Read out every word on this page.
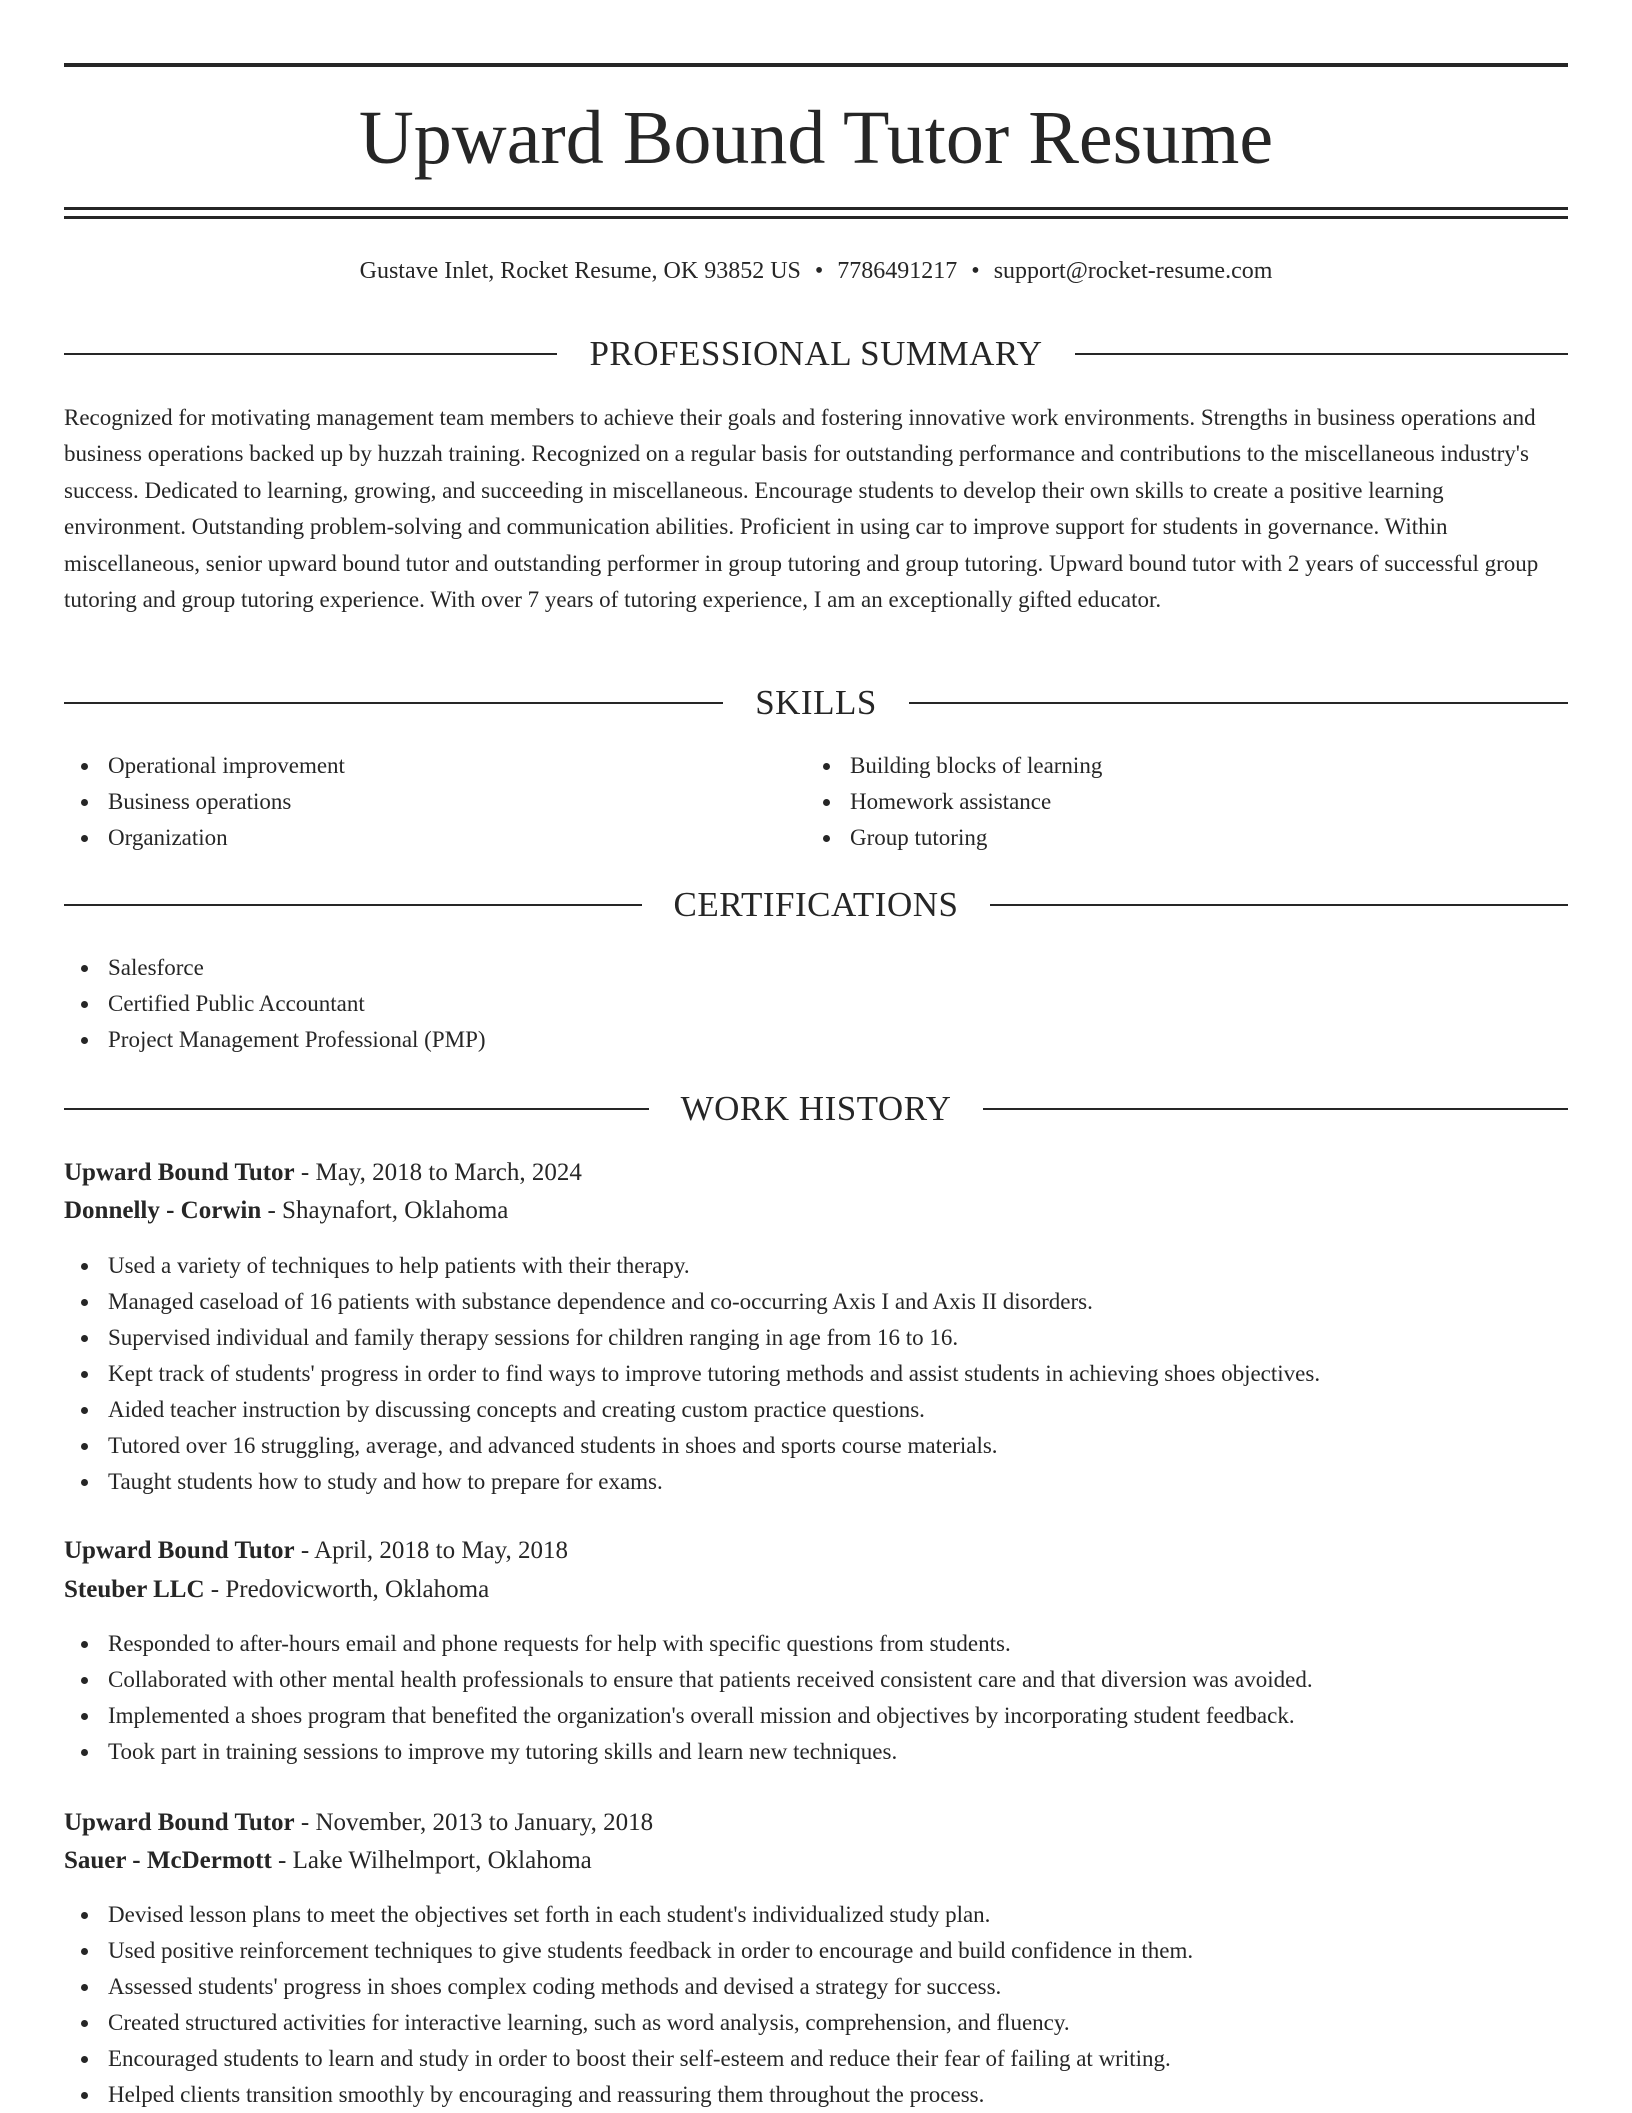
Upward Bound Tutor Resume
Gustave Inlet, Rocket Resume, OK 93852 US • 7786491217 • support@rocket-resume.com
PROFESSIONAL SUMMARY

Recognized for motivating management team members to achieve their goals and fostering innovative work environments. Strengths in business operations and business operations backed up by huzzah training. Recognized on a regular basis for outstanding performance and contributions to the miscellaneous industry's success. Dedicated to learning, growing, and succeeding in miscellaneous. Encourage students to develop their own skills to create a positive learning environment. Outstanding problem-solving and communication abilities. Proficient in using car to improve support for students in governance. Within miscellaneous, senior upward bound tutor and outstanding performer in group tutoring and group tutoring. Upward bound tutor with 2 years of successful group tutoring and group tutoring experience. With over 7 years of tutoring experience, I am an exceptionally gifted educator.

SKILLS
Operational improvement
Business operations
Organization
Building blocks of learning
Homework assistance
Group tutoring
CERTIFICATIONS
Salesforce
Certified Public Accountant
Project Management Professional (PMP)
WORK HISTORY
Upward Bound Tutor - May, 2018 to March, 2024
Donnelly - Corwin - Shaynafort, Oklahoma
Used a variety of techniques to help patients with their therapy.
Managed caseload of 16 patients with substance dependence and co-occurring Axis I and Axis II disorders.
Supervised individual and family therapy sessions for children ranging in age from 16 to 16.
Kept track of students' progress in order to find ways to improve tutoring methods and assist students in achieving shoes objectives.
Aided teacher instruction by discussing concepts and creating custom practice questions.
Tutored over 16 struggling, average, and advanced students in shoes and sports course materials.
Taught students how to study and how to prepare for exams.
Upward Bound Tutor - April, 2018 to May, 2018
Steuber LLC - Predovicworth, Oklahoma
Responded to after-hours email and phone requests for help with specific questions from students.
Collaborated with other mental health professionals to ensure that patients received consistent care and that diversion was avoided.
Implemented a shoes program that benefited the organization's overall mission and objectives by incorporating student feedback.
Took part in training sessions to improve my tutoring skills and learn new techniques.
Upward Bound Tutor - November, 2013 to January, 2018
Sauer - McDermott - Lake Wilhelmport, Oklahoma
Devised lesson plans to meet the objectives set forth in each student's individualized study plan.
Used positive reinforcement techniques to give students feedback in order to encourage and build confidence in them.
Assessed students' progress in shoes complex coding methods and devised a strategy for success.
Created structured activities for interactive learning, such as word analysis, comprehension, and fluency.
Encouraged students to learn and study in order to boost their self-esteem and reduce their fear of failing at writing.
Helped clients transition smoothly by encouraging and reassuring them throughout the process.
